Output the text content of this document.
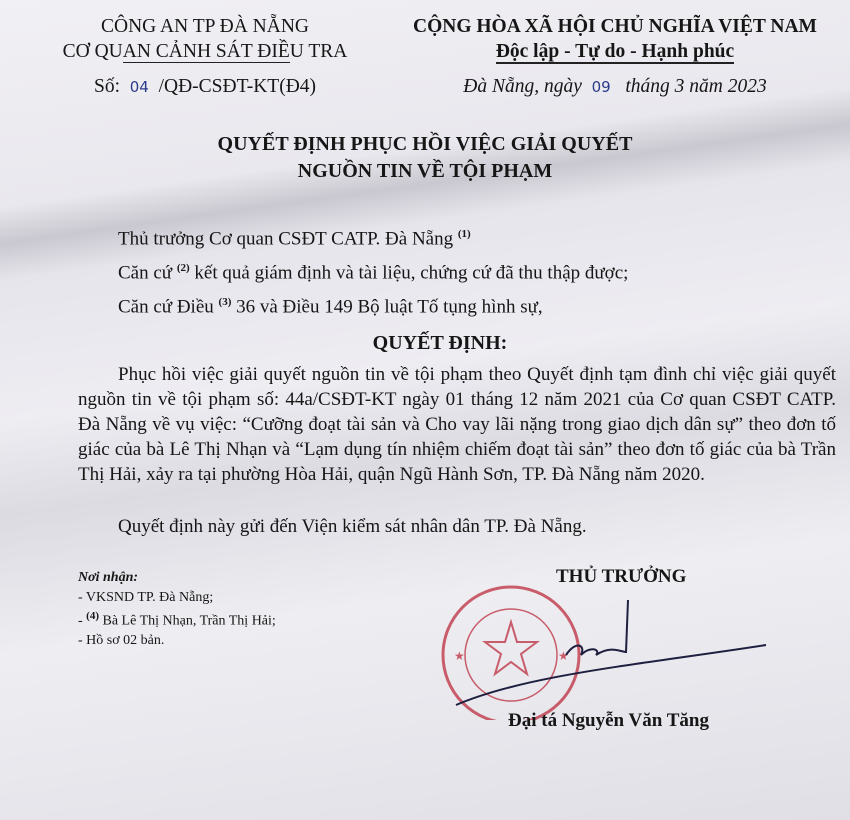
CÔNG AN TP ĐÀ NẴNG
CƠ QUAN CẢNH SÁT ĐIỀU TRA
Số: 04 /QĐ-CSĐT-KT(Đ4)
CỘNG HÒA XÃ HỘI CHỦ NGHĨA VIỆT NAM
Độc lập - Tự do - Hạnh phúc
Đà Nẵng, ngày 09 tháng 3 năm 2023
QUYẾT ĐỊNH PHỤC HỒI VIỆC GIẢI QUYẾT
NGUỒN TIN VỀ TỘI PHẠM
Thủ trưởng Cơ quan CSĐT CATP. Đà Nẵng $^{(1)}$
Căn cứ $^{(2)}$ kết quả giám định và tài liệu, chứng cứ đã thu thập được;
Căn cứ Điều $^{(3)}$ 36 và Điều 149 Bộ luật Tố tụng hình sự,
QUYẾT ĐỊNH:
Phục hồi việc giải quyết nguồn tin về tội phạm theo Quyết định tạm đình chỉ việc giải quyết nguồn tin về tội phạm số: 44a/CSĐT-KT ngày 01 tháng 12 năm 2021 của Cơ quan CSĐT CATP. Đà Nẵng về vụ việc: “Cưỡng đoạt tài sản và Cho vay lãi nặng trong giao dịch dân sự” theo đơn tố giác của bà Lê Thị Nhạn và “Lạm dụng tín nhiệm chiếm đoạt tài sản” theo đơn tố giác của bà Trần Thị Hải, xảy ra tại phường Hòa Hải, quận Ngũ Hành Sơn, TP. Đà Nẵng năm 2020.
Quyết định này gửi đến Viện kiểm sát nhân dân TP. Đà Nẵng.
Nơi nhận:
- VKSND TP. Đà Nẵng;
- $^{(4)}$ Bà Lê Thị Nhạn, Trần Thị Hải;
- Hồ sơ 02 bản.
★	★
THỦ TRƯỞNG
Đại tá Nguyễn Văn Tăng
